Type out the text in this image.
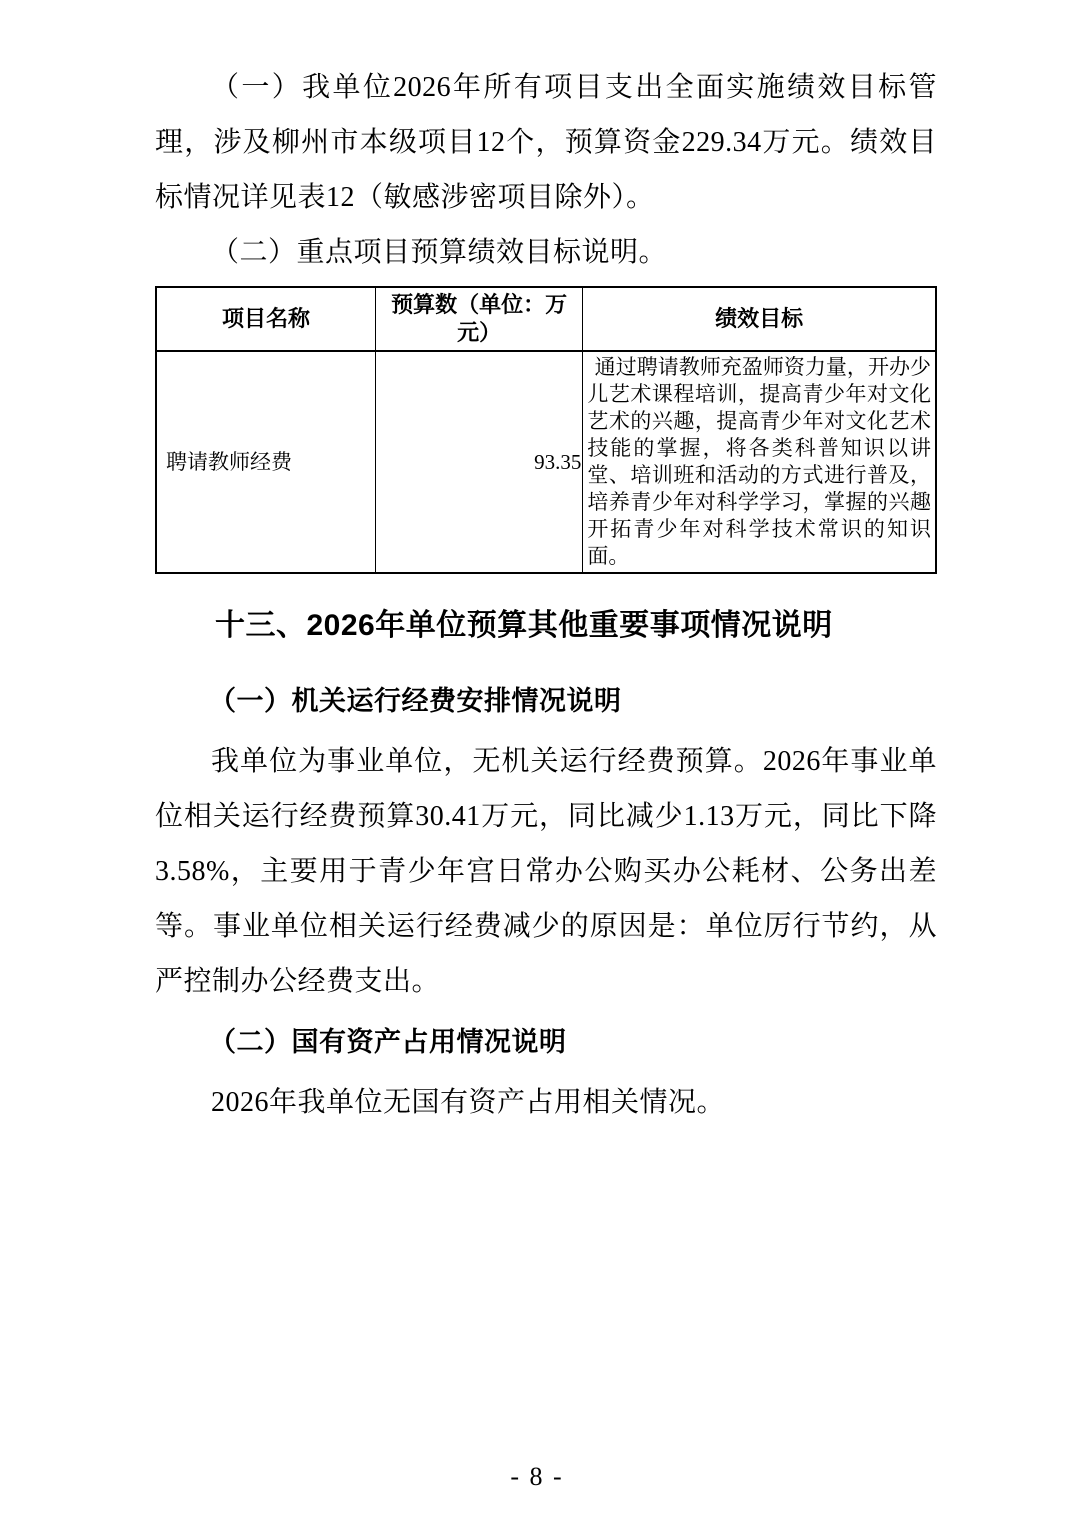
（一）我单位2026年所有项目支出全面实施绩效目标管理，涉及柳州市本级项目12个，预算资金229.34万元。绩效目标情况详见表12（敏感涉密项目除外）。

（二）重点项目预算绩效目标说明。

项目名称	预算数（单位：万元）	绩效目标
聘请教师经费	93.35	通过聘请教师充盈师资力量，开办少儿艺术课程培训，提高青少年对文化艺术的兴趣，提高青少年对文化艺术技能的掌握，将各类科普知识以讲堂、培训班和活动的方式进行普及，培养青少年对科学学习，掌握的兴趣开拓青少年对科学技术常识的知识面。
十三、2026年单位预算其他重要事项情况说明
（一）机关运行经费安排情况说明

我单位为事业单位，无机关运行经费预算。2026年事业单位相关运行经费预算30.41万元，同比减少1.13万元，同比下降3.58%，主要用于青少年宫日常办公购买办公耗材、公务出差等。事业单位相关运行经费减少的原因是：单位厉行节约，从严控制办公经费支出。

（二）国有资产占用情况说明

2026年我单位无国有资产占用相关情况。

- 8 -
